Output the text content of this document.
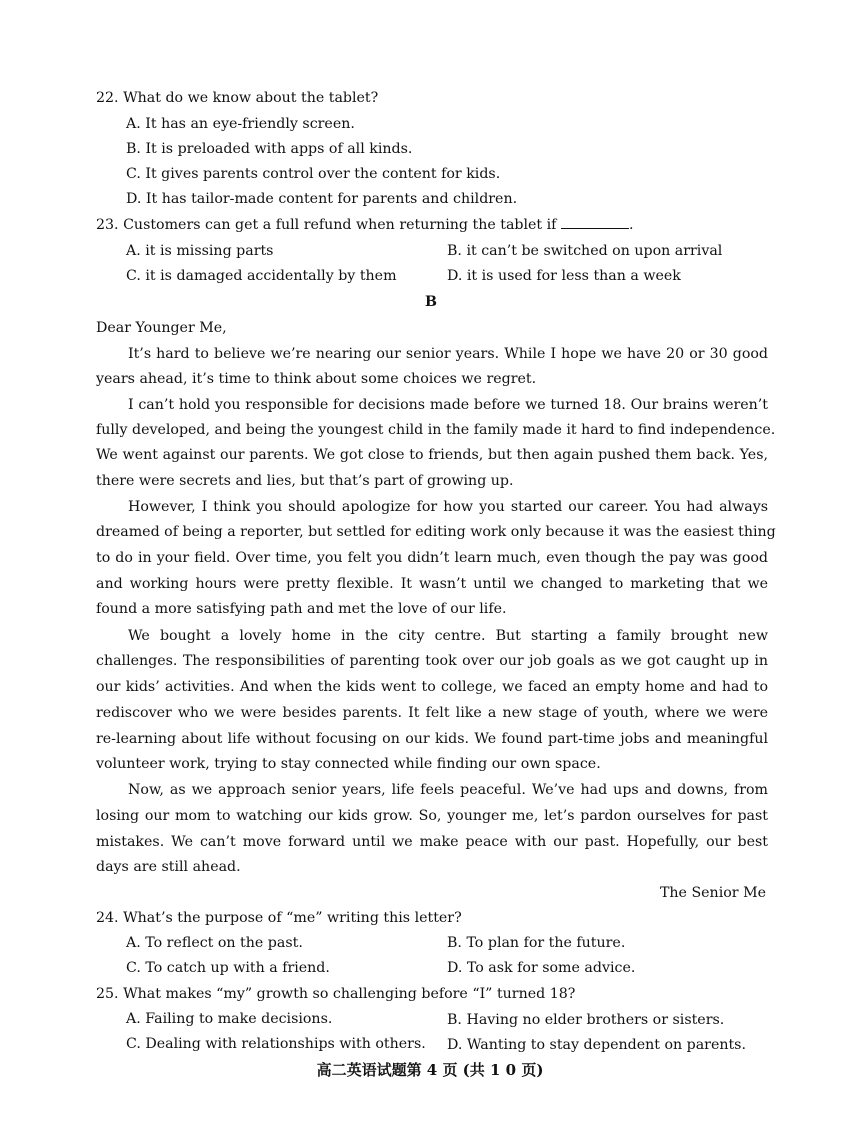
22. What do we know about the tablet?
A. It has an eye-friendly screen.
B. It is preloaded with apps of all kinds.
C. It gives parents control over the content for kids.
D. It has tailor-made content for parents and children.
23. Customers can get a full refund when returning the tablet if	.
A. it is missing parts	B. it can’t be switched on upon arrival
C. it is damaged accidentally by them	D. it is used for less than a week
B
Dear Younger Me,
It’s hard to believe we’re nearing our senior years. While I hope we have 20 or 30 good
years ahead, it’s time to think about some choices we regret.
I can’t hold you responsible for decisions made before we turned 18. Our brains weren’t
fully developed, and being the youngest child in the family made it hard to find independence.
We went against our parents. We got close to friends, but then again pushed them back. Yes,
there were secrets and lies, but that’s part of growing up.
However, I think you should apologize for how you started our career. You had always
dreamed of being a reporter, but settled for editing work only because it was the easiest thing
to do in your field. Over time, you felt you didn’t learn much, even though the pay was good
and working hours were pretty flexible. It wasn’t until we changed to marketing that we
found a more satisfying path and met the love of our life.
We bought a lovely home in the city centre. But starting a family brought new
challenges. The responsibilities of parenting took over our job goals as we got caught up in
our kids’ activities. And when the kids went to college, we faced an empty home and had to
rediscover who we were besides parents. It felt like a new stage of youth, where we were
re-learning about life without focusing on our kids. We found part-time jobs and meaningful
volunteer work, trying to stay connected while finding our own space.
Now, as we approach senior years, life feels peaceful. We’ve had ups and downs, from
losing our mom to watching our kids grow. So, younger me, let’s pardon ourselves for past
mistakes. We can’t move forward until we make peace with our past. Hopefully, our best
days are still ahead.
The Senior Me
24. What’s the purpose of “me” writing this letter?
A. To reflect on the past.	B. To plan for the future.
C. To catch up with a friend.	D. To ask for some advice.
25. What makes “my” growth so challenging before “I” turned 18?
A. Failing to make decisions.	B. Having no elder brothers or sisters.
C. Dealing with relationships with others. D. Wanting to stay dependent on parents.
高二英语试题第 4 页 (共 1 0 页)
